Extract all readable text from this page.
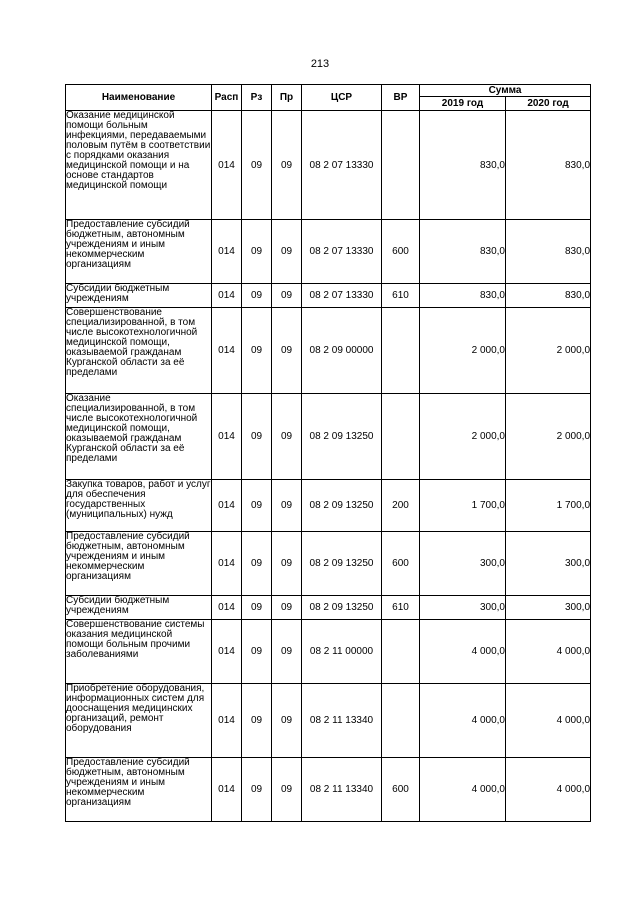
213
Наименование	Расп	Рз	Пр	ЦСР	ВР	Сумма	
						2019 год	2020 год
Оказание медицинской помощи больным инфекциями, передаваемыми половым путём в соответствии с порядками оказания медицинской помощи и на основе стандартов медицинской помощи	014	09	09	08 2 07 13330		830,0	830,0
Предоставление субсидий бюджетным, автономным учреждениям и иным некоммерческим организациям	014	09	09	08 2 07 13330	600	830,0	830,0
Субсидии бюджетным учреждениям	014	09	09	08 2 07 13330	610	830,0	830,0
Совершенствование специализированной, в том числе высокотехнологичной медицинской помощи, оказываемой гражданам Курганской области за её пределами	014	09	09	08 2 09 00000		2 000,0	2 000,0
Оказание специализированной, в том числе высокотехнологичной медицинской помощи, оказываемой гражданам Курганской области за её пределами	014	09	09	08 2 09 13250		2 000,0	2 000,0
Закупка товаров, работ и услуг для обеспечения государственных (муниципальных) нужд	014	09	09	08 2 09 13250	200	1 700,0	1 700,0
Предоставление субсидий бюджетным, автономным учреждениям и иным некоммерческим организациям	014	09	09	08 2 09 13250	600	300,0	300,0
Субсидии бюджетным учреждениям	014	09	09	08 2 09 13250	610	300,0	300,0
Совершенствование системы оказания медицинской помощи больным прочими заболеваниями	014	09	09	08 2 11 00000		4 000,0	4 000,0
Приобретение оборудования, информационных систем для дооснащения медицинских организаций, ремонт оборудования	014	09	09	08 2 11 13340		4 000,0	4 000,0
Предоставление субсидий бюджетным, автономным учреждениям и иным некоммерческим организациям	014	09	09	08 2 11 13340	600	4 000,0	4 000,0
